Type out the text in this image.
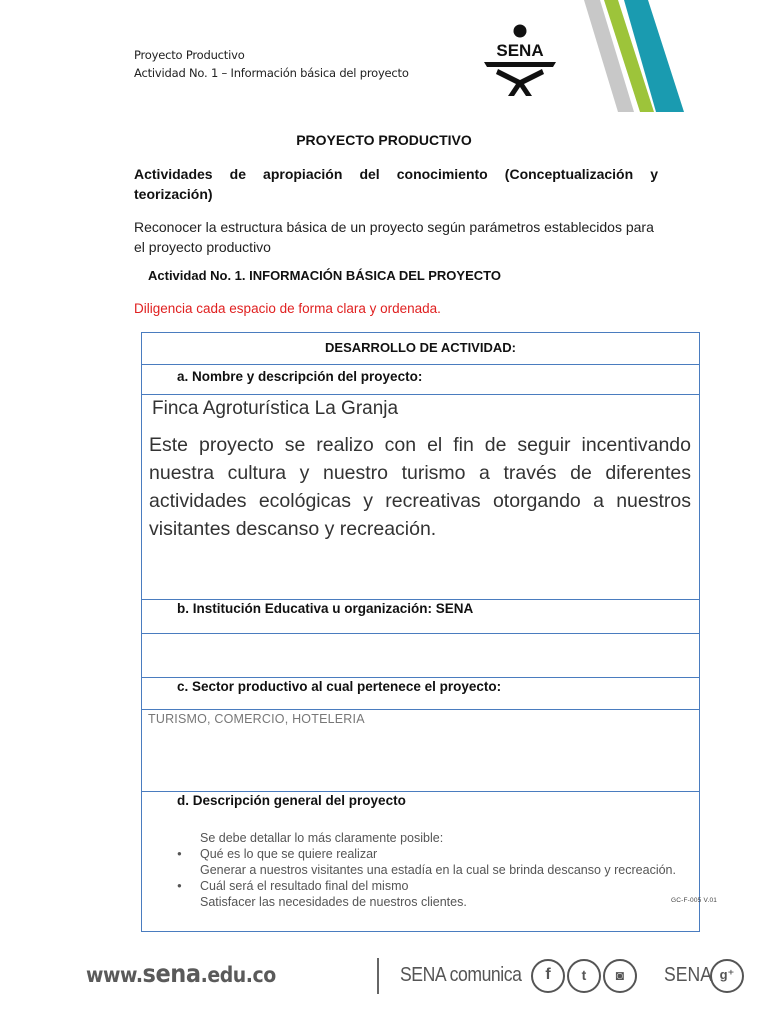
Proyecto Productivo
Actividad No. 1 – Información básica del proyecto
SENA
PROYECTO PRODUCTIVO
Actividades de apropiación del conocimiento (Conceptualización y teorización)
Reconocer la estructura básica de un proyecto según parámetros establecidos para el proyecto productivo
Actividad No. 1. INFORMACIÓN BÁSICA DEL PROYECTO
Diligencia cada espacio de forma clara y ordenada.
DESARROLLO DE ACTIVIDAD:
a. Nombre y descripción del proyecto:
Finca Agroturística La Granja
Este proyecto se realizo con el fin de seguir incentivando nuestra cultura y nuestro turismo a través de diferentes actividades ecológicas y recreativas otorgando a nuestros visitantes descanso y recreación.
b. Institución Educativa u organización: SENA
c. Sector productivo al cual pertenece el proyecto:
TURISMO, COMERCIO, HOTELERIA
d. Descripción general del proyecto
Se debe detallar lo más claramente posible:
● Qué es lo que se quiere realizar
Generar a nuestros visitantes una estadía en la cual se brinda descanso y recreación.
● Cuál será el resultado final del mismo
Satisfacer las necesidades de nuestros clientes.	GC-F-005 V.01
www.sena.edu.co	SENA comunica	f	t	◙	SENA g⁺
